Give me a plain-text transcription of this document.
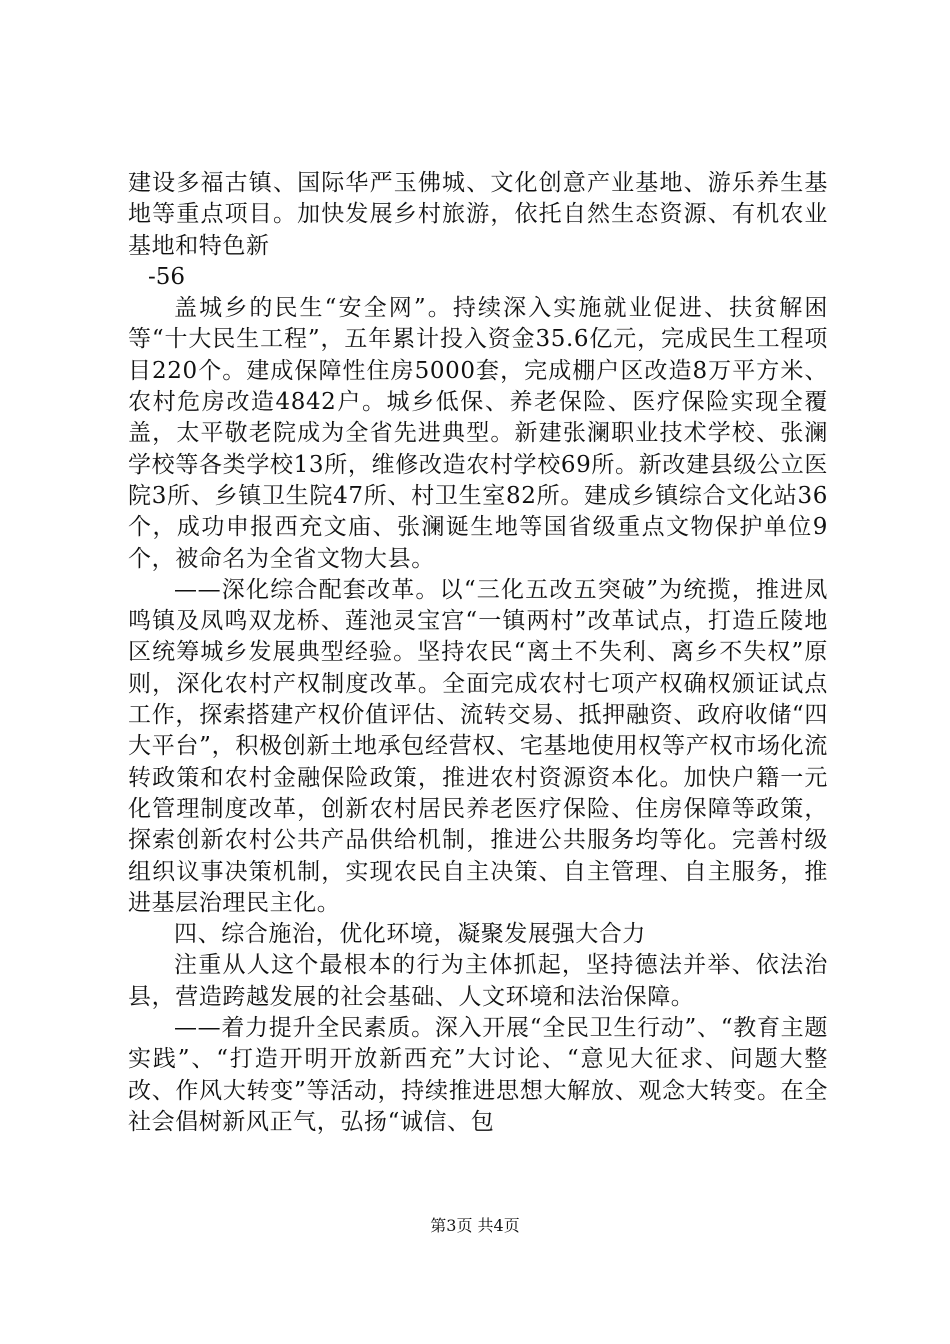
建设多福古镇、国际华严玉佛城、文化创意产业基地、游乐养生基地等重点项目。加快发展乡村旅游，依托自然生态资源、有机农业基地和特色新

-56

盖城乡的民生“安全网”。持续深入实施就业促进、扶贫解困等“十大民生工程”，五年累计投入资金35.6亿元，完成民生工程项目220个。建成保障性住房5000套，完成棚户区改造8万平方米、农村危房改造4842户。城乡低保、养老保险、医疗保险实现全覆盖，太平敬老院成为全省先进典型。新建张澜职业技术学校、张澜学校等各类学校13所，维修改造农村学校69所。新改建县级公立医院3所、乡镇卫生院47所、村卫生室82所。建成乡镇综合文化站36个，成功申报西充文庙、张澜诞生地等国省级重点文物保护单位9个，被命名为全省文物大县。

——深化综合配套改革。以“三化五改五突破”为统揽，推进凤鸣镇及凤鸣双龙桥、莲池灵宝宫“一镇两村”改革试点，打造丘陵地区统筹城乡发展典型经验。坚持农民“离土不失利、离乡不失权”原则，深化农村产权制度改革。全面完成农村七项产权确权颁证试点工作，探索搭建产权价值评估、流转交易、抵押融资、政府收储“四大平台”，积极创新土地承包经营权、宅基地使用权等产权市场化流转政策和农村金融保险政策，推进农村资源资本化。加快户籍一元化管理制度改革，创新农村居民养老医疗保险、住房保障等政策，探索创新农村公共产品供给机制，推进公共服务均等化。完善村级组织议事决策机制，实现农民自主决策、自主管理、自主服务，推进基层治理民主化。

四、综合施治，优化环境，凝聚发展强大合力

注重从人这个最根本的行为主体抓起，坚持德法并举、依法治县，营造跨越发展的社会基础、人文环境和法治保障。

——着力提升全民素质。深入开展“全民卫生行动”、“教育主题实践”、“打造开明开放新西充”大讨论、“意见大征求、问题大整改、作风大转变”等活动，持续推进思想大解放、观念大转变。在全社会倡树新风正气，弘扬“诚信、包

第3页 共4页
